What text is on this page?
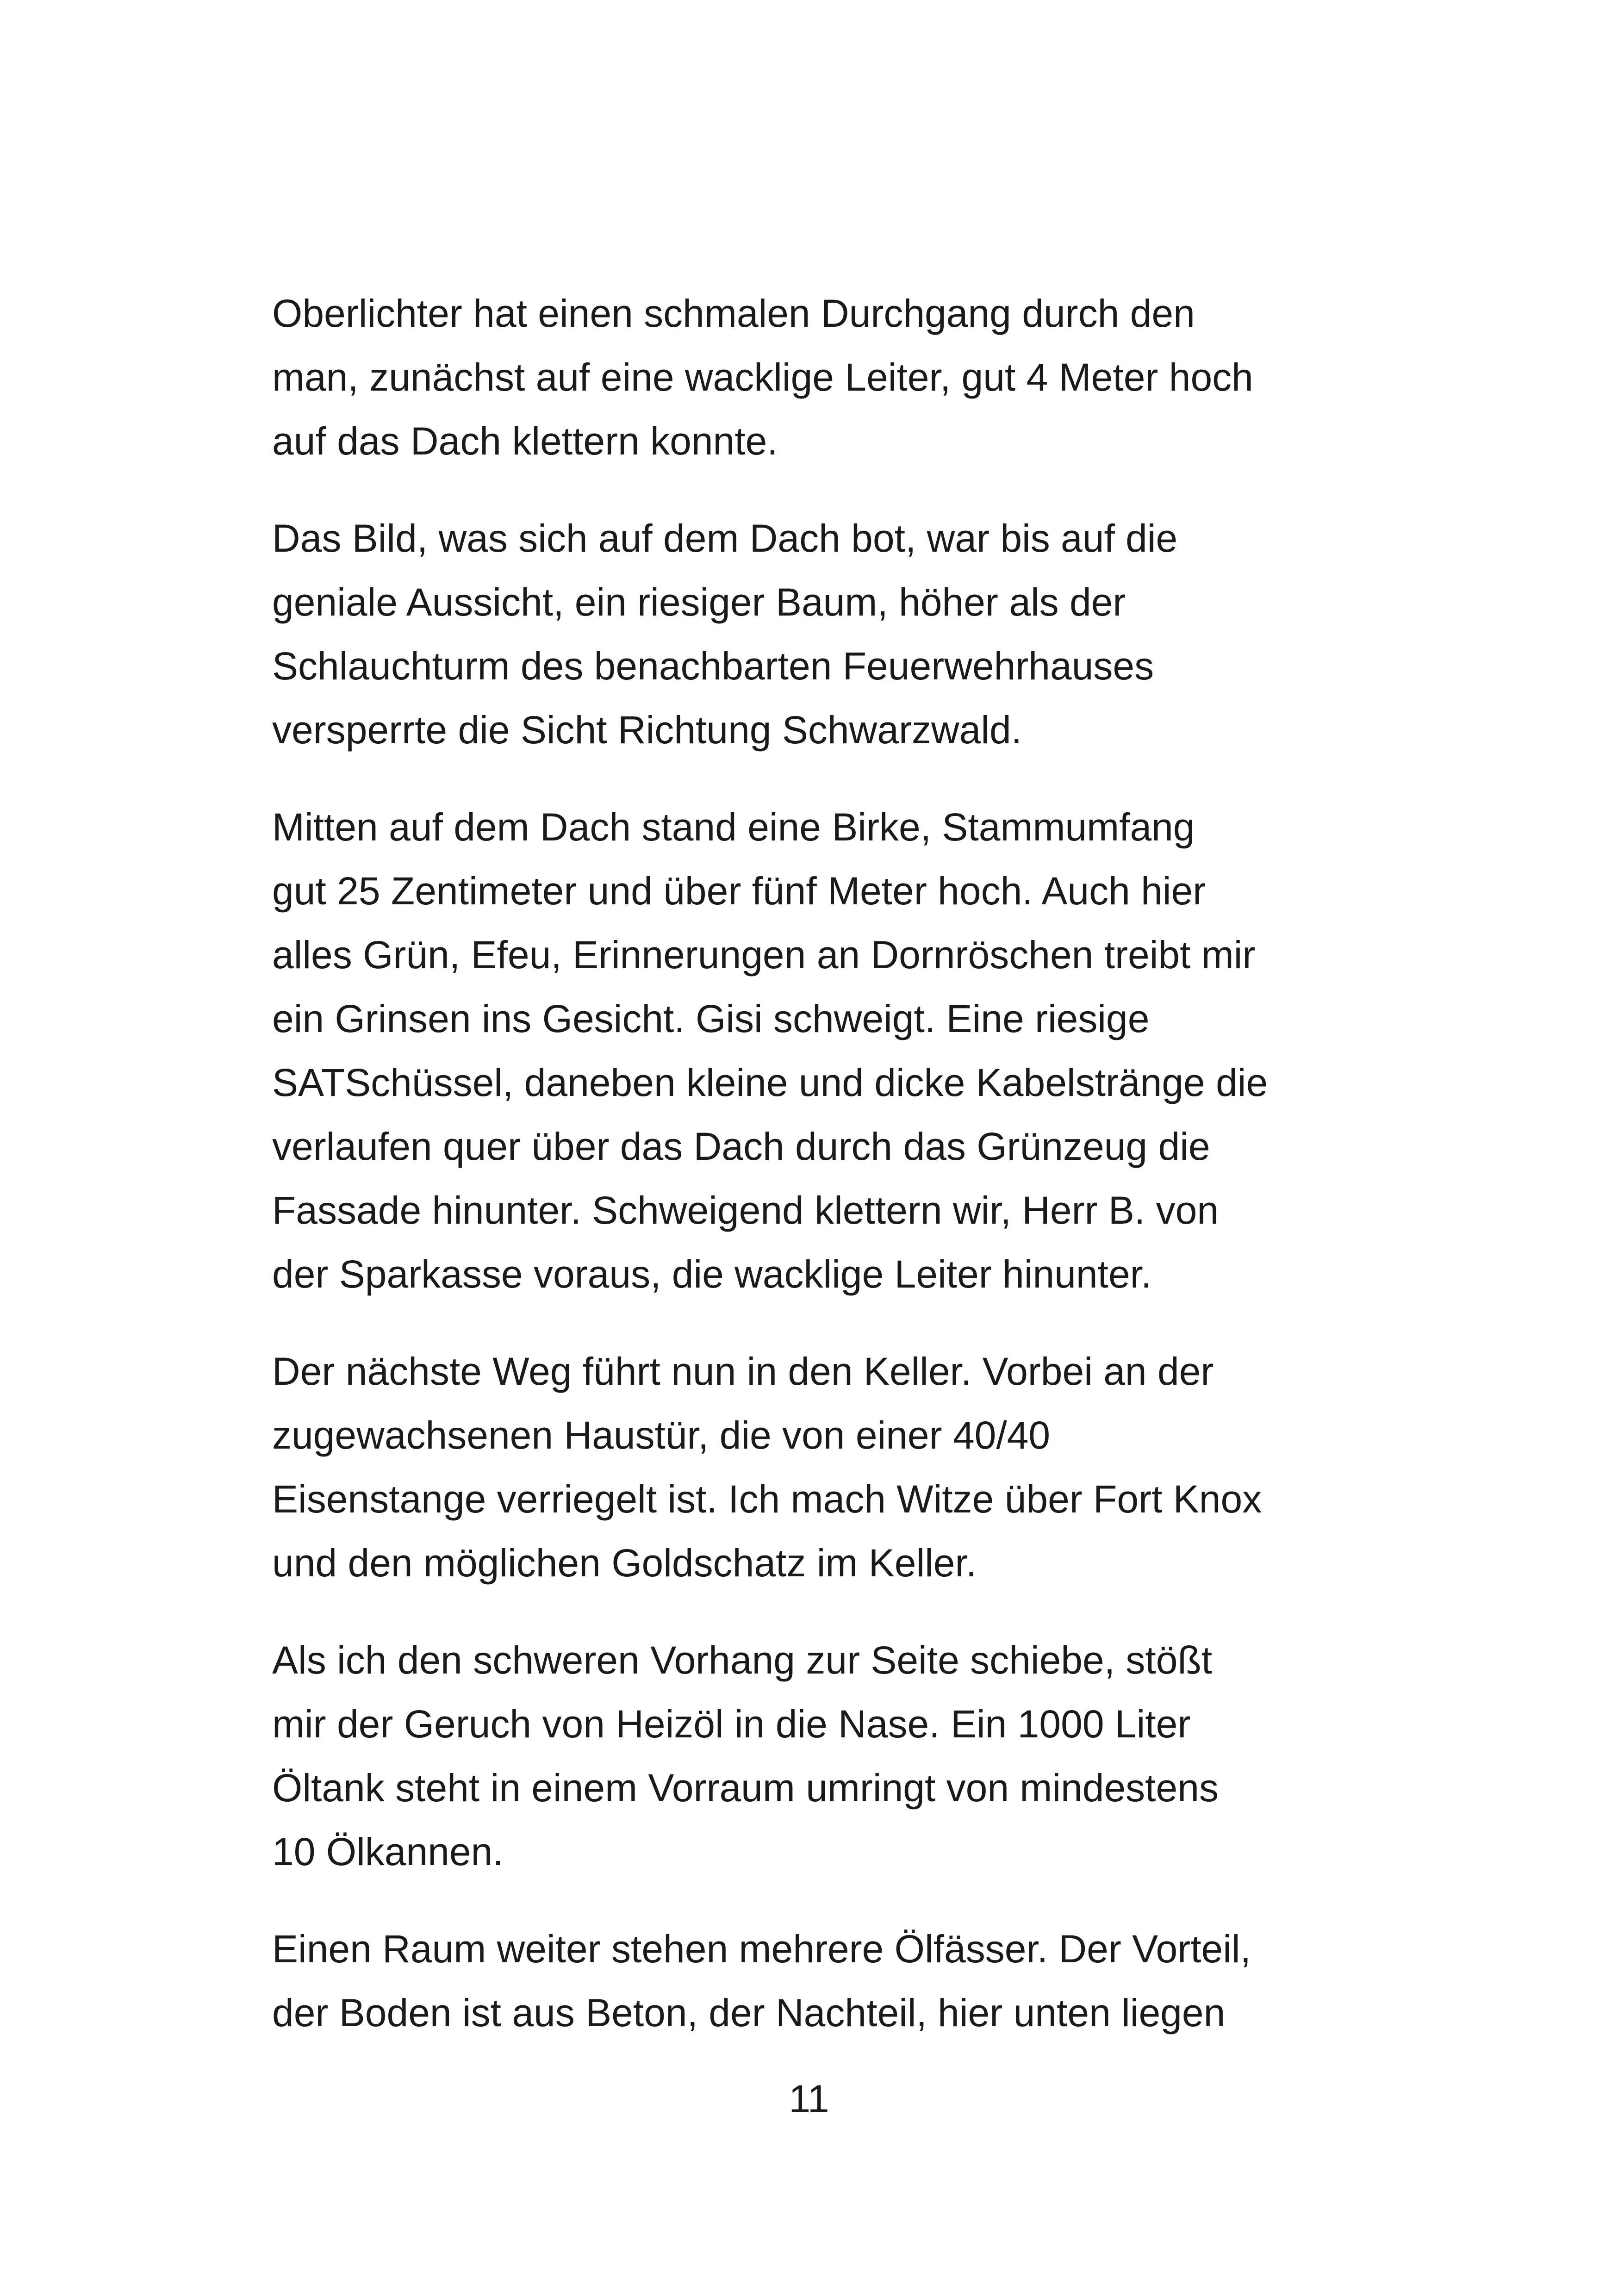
Oberlichter hat einen schmalen Durchgang durch den
man, zunächst auf eine wacklige Leiter, gut 4 Meter hoch
auf das Dach klettern konnte.

Das Bild, was sich auf dem Dach bot, war bis auf die
geniale Aussicht, ein riesiger Baum, höher als der
Schlauchturm des benachbarten Feuerwehrhauses
versperrte die Sicht Richtung Schwarzwald.

Mitten auf dem Dach stand eine Birke, Stammumfang
gut 25 Zentimeter und über fünf Meter hoch. Auch hier
alles Grün, Efeu, Erinnerungen an Dornröschen treibt mir
ein Grinsen ins Gesicht. Gisi schweigt. Eine riesige
SATSchüssel, daneben kleine und dicke Kabelstränge die
verlaufen quer über das Dach durch das Grünzeug die
Fassade hinunter. Schweigend klettern wir, Herr B. von
der Sparkasse voraus, die wacklige Leiter hinunter.

Der nächste Weg führt nun in den Keller. Vorbei an der
zugewachsenen Haustür, die von einer 40/40
Eisenstange verriegelt ist. Ich mach Witze über Fort Knox
und den möglichen Goldschatz im Keller.

Als ich den schweren Vorhang zur Seite schiebe, stößt
mir der Geruch von Heizöl in die Nase. Ein 1000 Liter
Öltank steht in einem Vorraum umringt von mindestens
10 Ölkannen.

Einen Raum weiter stehen mehrere Ölfässer. Der Vorteil,
der Boden ist aus Beton, der Nachteil, hier unten liegen

11
